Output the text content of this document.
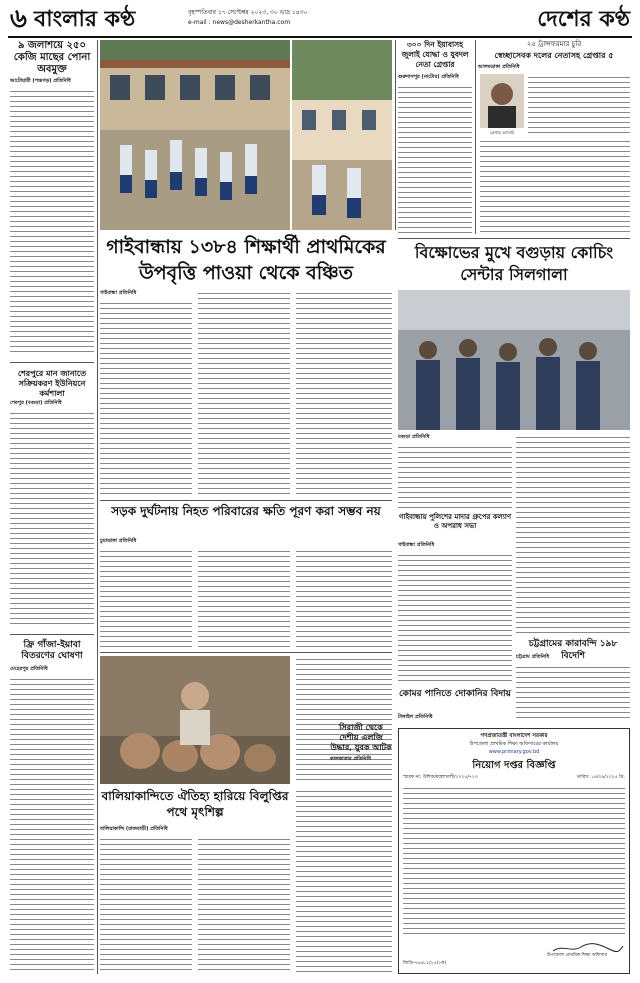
৬ বাংলার কণ্ঠ	বৃহস্পতিবার ১৭ সেপ্টেম্বর ২০২৩, ৩০ ভাদ্র ১৪৩০
e-mail : news@desherkantha.com	দেশের কণ্ঠ
৯ জলাশয়ে ২৫০ কেজি মাছের পোনা অবমুক্ত
আটোয়ারী (পঞ্চগড়) প্রতিনিধি
শেরপুরে মান জানাতে সক্রিয়করণ ইউনিয়নে কর্মশালা
শেরপুর (বগুড়া) প্রতিনিধি
ফ্রি গাঁজা-ইয়াবা বিতরণের ঘোষণা
মেহেরপুর প্রতিনিধি
গাইবান্ধায় ১৩৮৪ শিক্ষার্থী প্রাথমিকের উপবৃত্তি পাওয়া থেকে বঞ্চিত
গাইবান্ধা প্রতিনিধি
সড়ক দুর্ঘটনায় নিহত পরিবারের ক্ষতি পূরণ করা সম্ভব নয়
চুয়াডাঙ্গা প্রতিনিধি
বালিয়াকান্দিতে ঐতিহ্য হারিয়ে বিলুপ্তির পথে মৃৎশিল্প
বালিয়াকান্দি (রাজবাড়ী) প্রতিনিধি
৩০০ দিন ইয়াবাসহ জুলাই যোদ্ধা ও যুবদল নেতা গ্রেপ্তার
গুরুদাসপুর (নাটোর) প্রতিনিধি
২৫ ট্রান্সফরমার চুরি
স্বেচ্ছাসেবক দলের নেতাসহ গ্রেপ্তার ৫
আলমডাঙ্গা প্রতিনিধি
গ্রেপ্তার আসামি
বিক্ষোভের মুখে বগুড়ায় কোচিং সেন্টার সিলগালা
বগুড়া প্রতিনিধি
গাইবান্ধায় পুলিশের মাদার গ্রুপের কল্যাণ ও অপরাধ সভা
গাইবান্ধা প্রতিনিধি
কোমর পানিতে দোকানির বিদায়
টাঙ্গাইল প্রতিনিধি
চট্টগ্রামের কারাবন্দি ১৯৮ বিদেশি
চট্টগ্রাম প্রতিনিধি
সিরাজী থেকে দেশীয় এলজি উদ্ধার, যুবক আটক
কালকাতার প্রতিনিধি
গণপ্রজাতন্ত্রী বাংলাদেশ সরকার
উপজেলা প্রাথমিক শিক্ষা অফিসারের কার্যালয়
www.primary.gov.bd
নিয়োগ দপ্তর বিজ্ঞপ্তি
স্মারক নং: উশিঅ/মহেশখালী/২০২৫/৭২৩	তারিখ: ১৪/০৯/২০২৫ খ্রি.
উপজেলা প্রাথমিক শিক্ষা অফিসার
জিডি-৭৬৫৮১/২৫(২ক)
